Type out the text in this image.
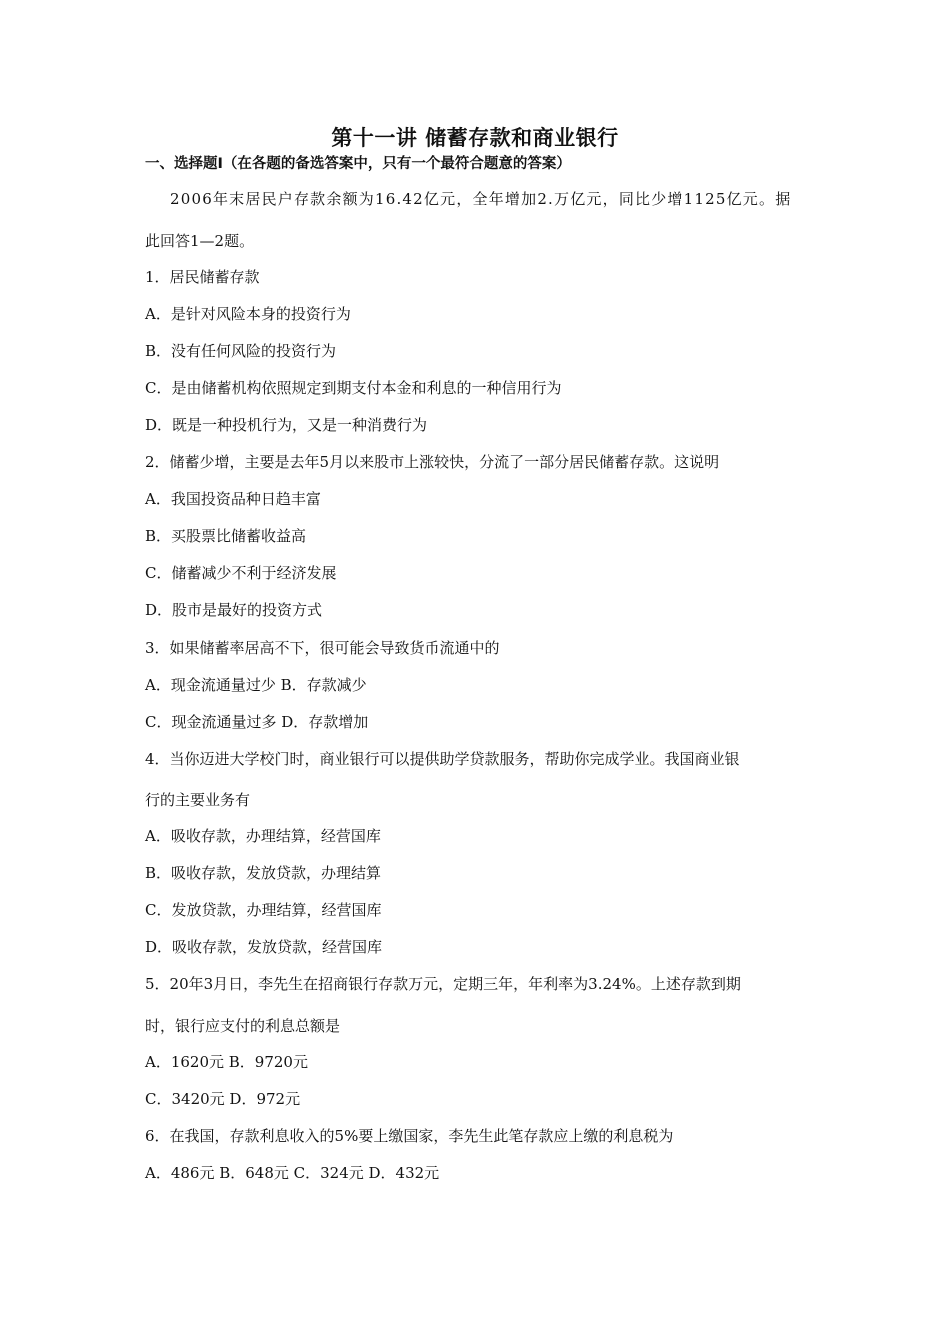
第十一讲 储蓄存款和商业银行
一、选择题Ⅰ（在各题的备选答案中，只有一个最符合题意的答案）
2006年末居民户存款余额为16.42亿元，全年增加2.万亿元，同比少增1125亿元。据
此回答1—2题。
1．居民储蓄存款
A．是针对风险本身的投资行为
B．没有任何风险的投资行为
C．是由储蓄机构依照规定到期支付本金和利息的一种信用行为
D．既是一种投机行为，又是一种消费行为
2．储蓄少增，主要是去年5月以来股市上涨较快，分流了一部分居民储蓄存款。这说明
A．我国投资品种日趋丰富
B．买股票比储蓄收益高
C．储蓄减少不利于经济发展
D．股市是最好的投资方式
3．如果储蓄率居高不下，很可能会导致货币流通中的
A．现金流通量过少 B．存款减少
C．现金流通量过多 D．存款增加
4．当你迈进大学校门时，商业银行可以提供助学贷款服务，帮助你完成学业。我国商业银
行的主要业务有
A．吸收存款，办理结算，经营国库
B．吸收存款，发放贷款，办理结算
C．发放贷款，办理结算，经营国库
D．吸收存款，发放贷款，经营国库
5．20年3月日，李先生在招商银行存款万元，定期三年，年利率为3.24%。上述存款到期
时，银行应支付的利息总额是
A．1620元 B．9720元
C．3420元 D．972元
6．在我国，存款利息收入的5%要上缴国家，李先生此笔存款应上缴的利息税为
A．486元 B．648元 C．324元 D．432元
